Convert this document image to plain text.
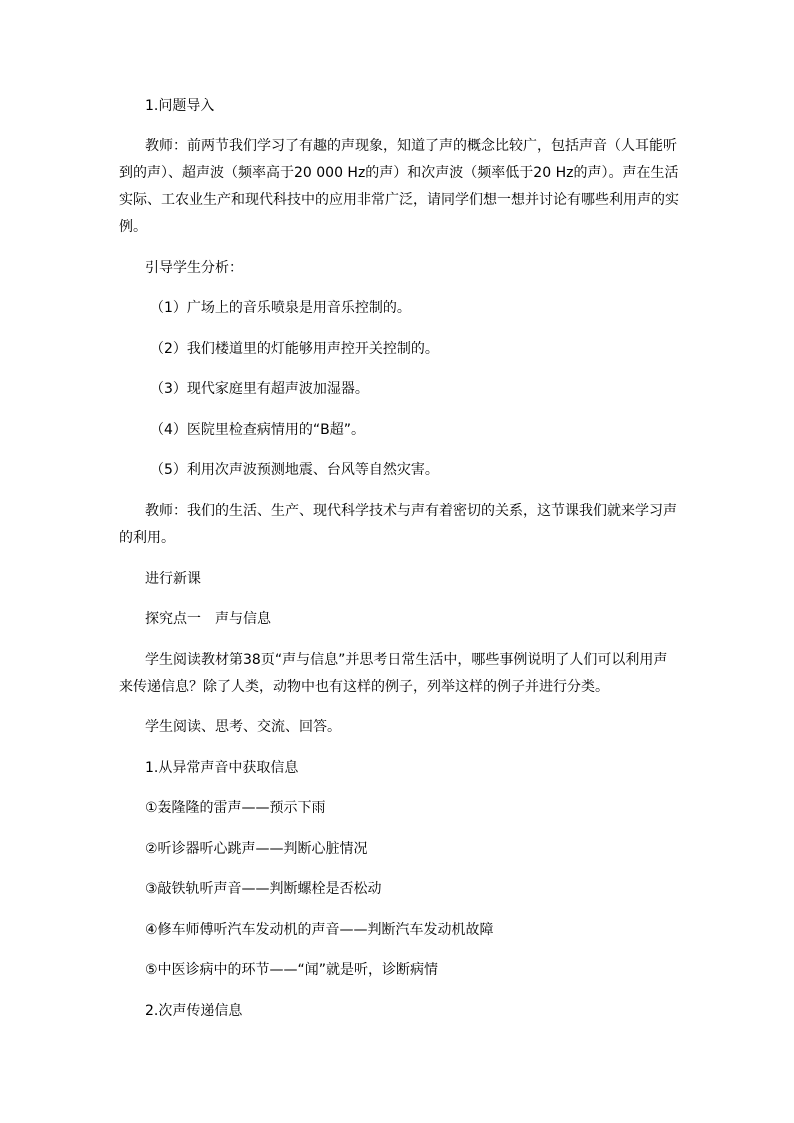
1.问题导入
教师：前两节我们学习了有趣的声现象，知道了声的概念比较广，包括声音（人耳能听
到的声）、超声波（频率高于20 000 Hz的声）和次声波（频率低于20 Hz的声）。声在生活
实际、工农业生产和现代科技中的应用非常广泛，请同学们想一想并讨论有哪些利用声的实
例。
引导学生分析：
（1）广场上的音乐喷泉是用音乐控制的。
（2）我们楼道里的灯能够用声控开关控制的。
（3）现代家庭里有超声波加湿器。
（4）医院里检查病情用的“B超”。
（5）利用次声波预测地震、台风等自然灾害。
教师：我们的生活、生产、现代科学技术与声有着密切的关系，这节课我们就来学习声
的利用。
进行新课
探究点一　声与信息
学生阅读教材第38页“声与信息”并思考日常生活中，哪些事例说明了人们可以利用声
来传递信息？除了人类，动物中也有这样的例子，列举这样的例子并进行分类。
学生阅读、思考、交流、回答。
1.从异常声音中获取信息
①轰隆隆的雷声——预示下雨
②听诊器听心跳声——判断心脏情况
③敲铁轨听声音——判断螺栓是否松动
④修车师傅听汽车发动机的声音——判断汽车发动机故障
⑤中医诊病中的环节——“闻”就是听，诊断病情
2.次声传递信息
